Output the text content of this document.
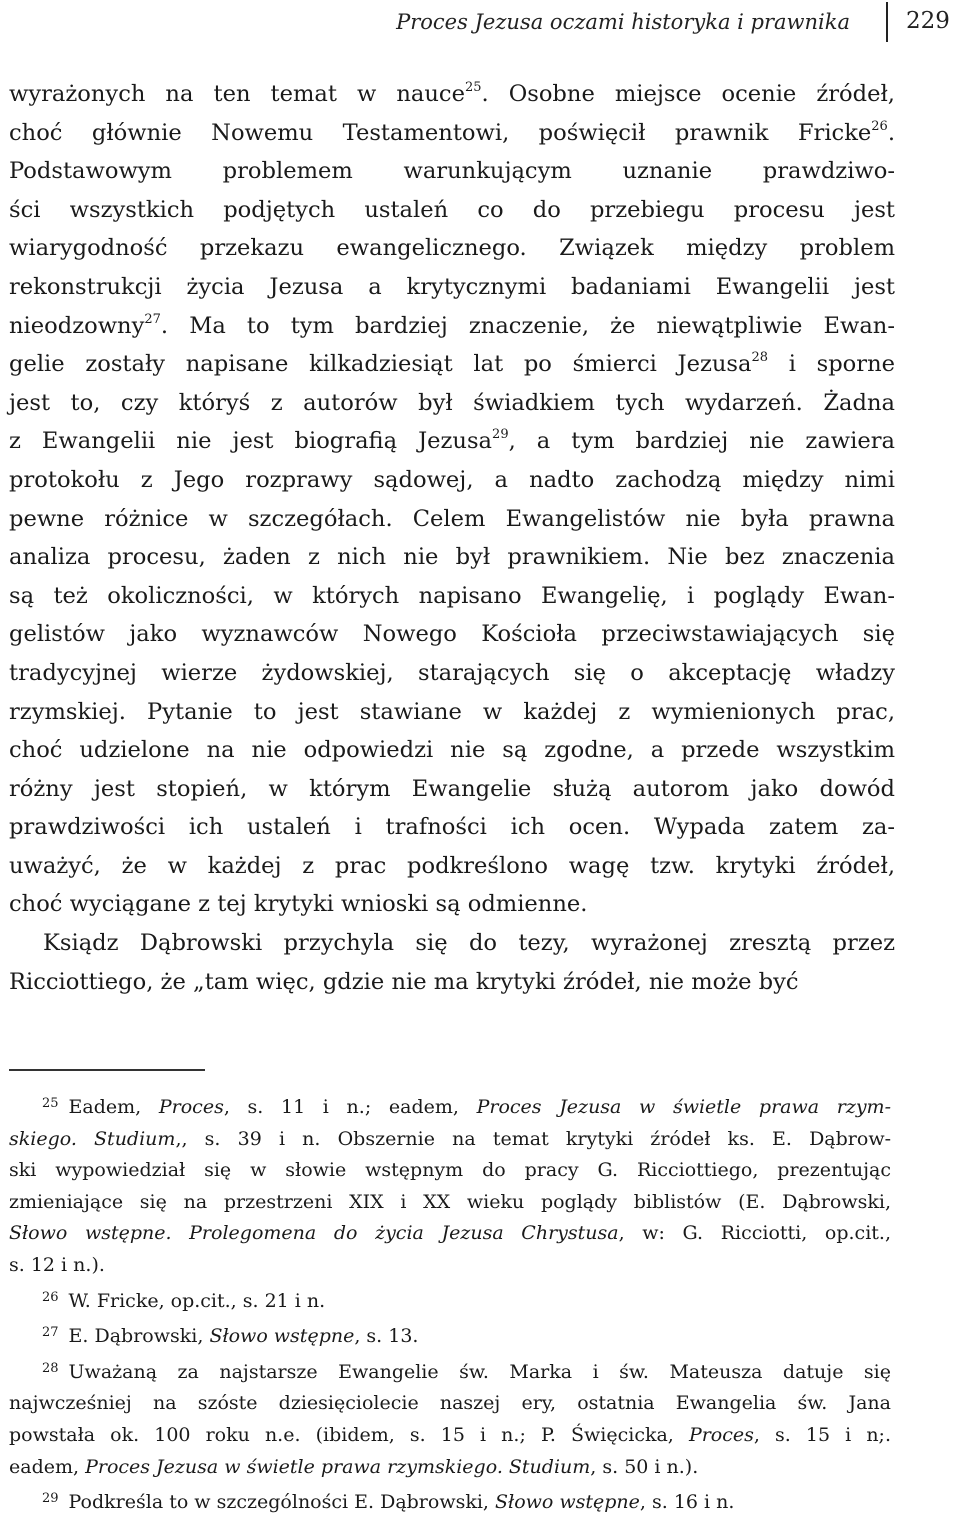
Proces Jezusa oczami historyka i prawnika 229
wyrażonych na ten temat w nauce$^{25}$. Osobne miejsce ocenie źródeł,
choć głównie Nowemu Testamentowi, poświęcił prawnik Fricke$^{26}$.
Podstawowym problemem warunkującym uznanie prawdziwo-
ści wszystkich podjętych ustaleń co do przebiegu procesu jest
wiarygodność przekazu ewangelicznego. Związek między problem
rekonstrukcji życia Jezusa a krytycznymi badaniami Ewangelii jest
nieodzowny$^{27}$. Ma to tym bardziej znaczenie, że niewątpliwie Ewan-
gelie zostały napisane kilkadziesiąt lat po śmierci Jezusa$^{28}$ i sporne
jest to, czy któryś z autorów był świadkiem tych wydarzeń. Żadna
z Ewangelii nie jest biografią Jezusa$^{29}$, a tym bardziej nie zawiera
protokołu z Jego rozprawy sądowej, a nadto zachodzą między nimi
pewne różnice w szczegółach. Celem Ewangelistów nie była prawna
analiza procesu, żaden z nich nie był prawnikiem. Nie bez znaczenia
są też okoliczności, w których napisano Ewangelię, i poglądy Ewan-
gelistów jako wyznawców Nowego Kościoła przeciwstawiających się
tradycyjnej wierze żydowskiej, starających się o akceptację władzy
rzymskiej. Pytanie to jest stawiane w każdej z wymienionych prac,
choć udzielone na nie odpowiedzi nie są zgodne, a przede wszystkim
różny jest stopień, w którym Ewangelie służą autorom jako dowód
prawdziwości ich ustaleń i trafności ich ocen. Wypada zatem za-
uważyć, że w każdej z prac podkreślono wagę tzw. krytyki źródeł,
choć wyciągane z tej krytyki wnioski są odmienne.
Ksiądz Dąbrowski przychyla się do tezy, wyrażonej zresztą przez
Ricciottiego, że „tam więc, gdzie nie ma krytyki źródeł, nie może być
25 Eadem, Proces, s. 11 i n.; eadem, Proces Jezusa w świetle prawa rzym-
skiego. Studium,, s. 39 i n. Obszernie na temat krytyki źródeł ks. E. Dąbrow-
ski wypowiedział się w słowie wstępnym do pracy G. Ricciottiego, prezentując
zmieniające się na przestrzeni XIX i XX wieku poglądy biblistów (E. Dąbrowski,
Słowo wstępne. Prolegomena do życia Jezusa Chrystusa, w: G. Ricciotti, op.cit.,
s. 12 i n.).
26 W. Fricke, op.cit., s. 21 i n.
27 E. Dąbrowski, Słowo wstępne, s. 13.
28 Uważaną za najstarsze Ewangelie św. Marka i św. Mateusza datuje się
najwcześniej na szóste dziesięciolecie naszej ery, ostatnia Ewangelia św. Jana
powstała ok. 100 roku n.e. (ibidem, s. 15 i n.; P. Święcicka, Proces, s. 15 i n;.
eadem, Proces Jezusa w świetle prawa rzymskiego. Studium, s. 50 i n.).
29 Podkreśla to w szczególności E. Dąbrowski, Słowo wstępne, s. 16 i n.
